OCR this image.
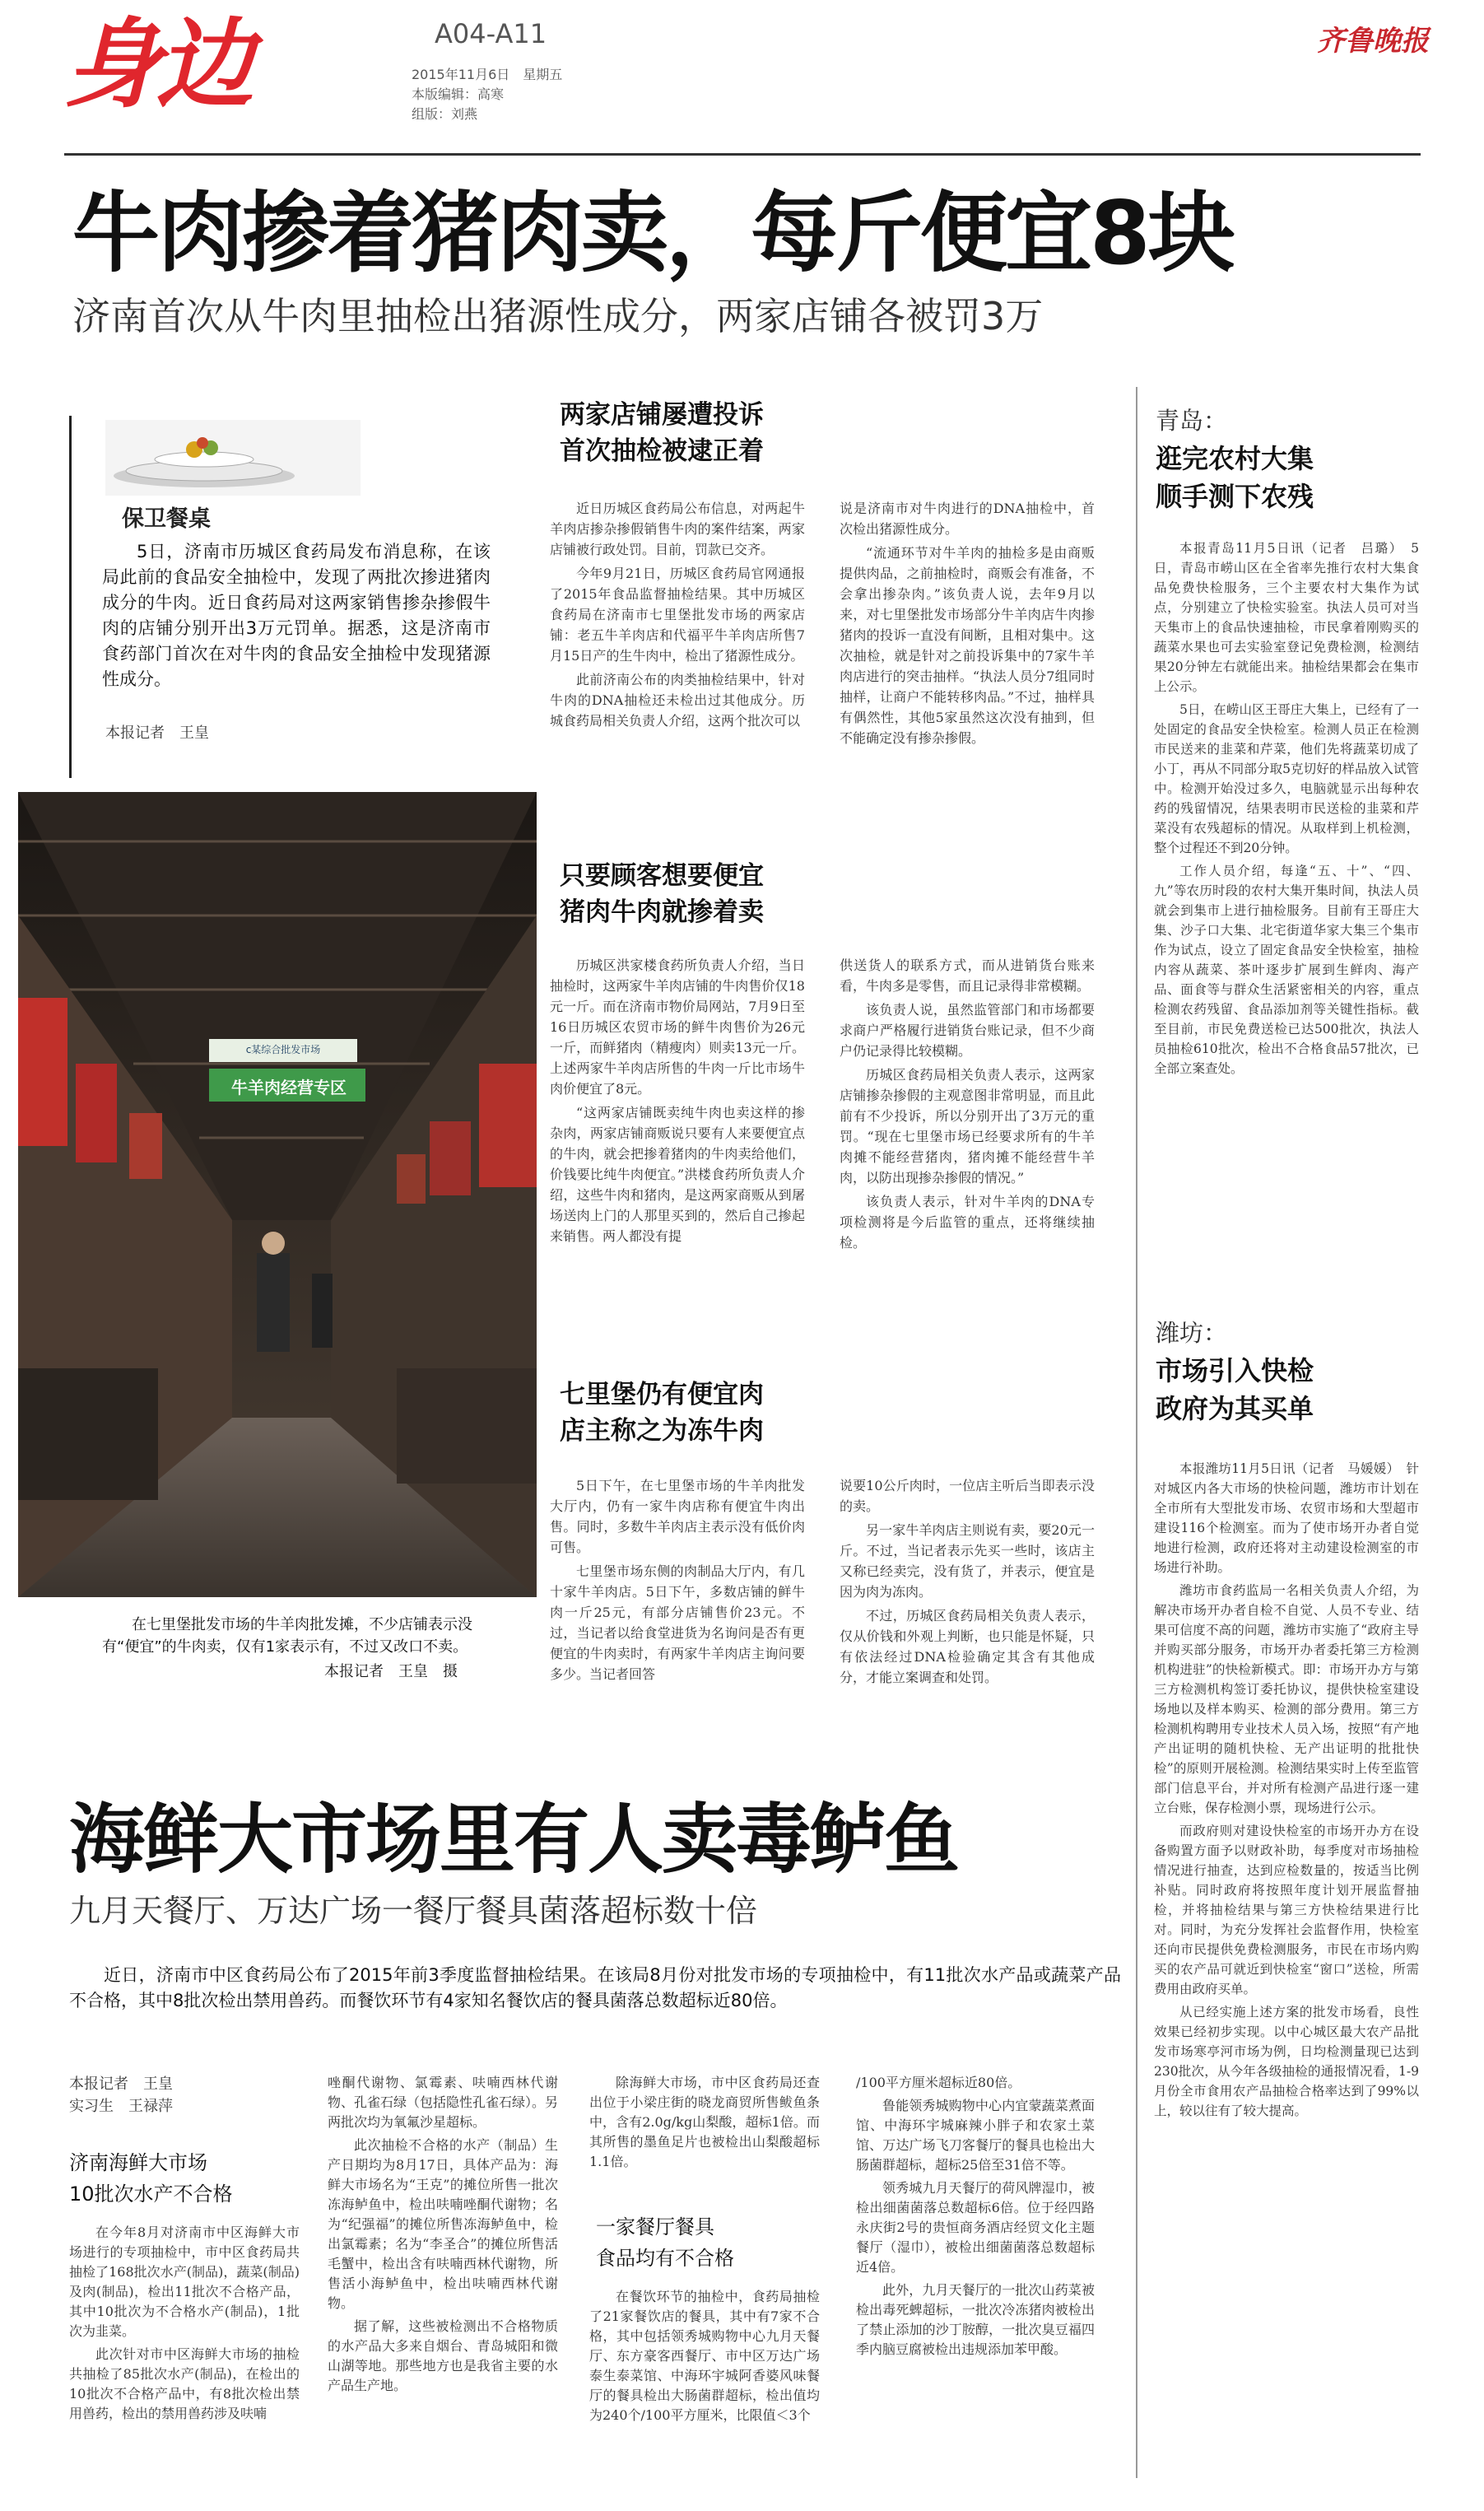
身边	A04-A11
2015年11月6日　星期五
本版编辑：高寒
组版：刘燕
齐鲁晚报
牛肉掺着猪肉卖，每斤便宜8块
济南首次从牛肉里抽检出猪源性成分，两家店铺各被罚3万
保卫餐桌
5日，济南市历城区食药局发布消息称，在该局此前的食品安全抽检中，发现了两批次掺进猪肉成分的牛肉。近日食药局对这两家销售掺杂掺假牛肉的店铺分别开出3万元罚单。据悉，这是济南市食药部门首次在对牛肉的食品安全抽检中发现猪源性成分。
本报记者　王皇
c某综合批发市场
牛羊肉经营专区
在七里堡批发市场的牛羊肉批发摊，不少店铺表示没有“便宜”的牛肉卖，仅有1家表示有，不过又改口不卖。
本报记者　王皇　摄
两家店铺屡遭投诉
首次抽检被逮正着

近日历城区食药局公布信息，对两起牛羊肉店掺杂掺假销售牛肉的案件结案，两家店铺被行政处罚。目前，罚款已交齐。

今年9月21日，历城区食药局官网通报了2015年食品监督抽检结果。其中历城区食药局在济南市七里堡批发市场的两家店铺：老五牛羊肉店和代福平牛羊肉店所售7月15日产的生牛肉中，检出了猪源性成分。

此前济南公布的肉类抽检结果中，针对牛肉的DNA抽检还未检出过其他成分。历城食药局相关负责人介绍，这两个批次可以

说是济南市对牛肉进行的DNA抽检中，首次检出猪源性成分。

“流通环节对牛羊肉的抽检多是由商贩提供肉品，之前抽检时，商贩会有准备，不会拿出掺杂肉。”该负责人说，去年9月以来，对七里堡批发市场部分牛羊肉店牛肉掺猪肉的投诉一直没有间断，且相对集中。这次抽检，就是针对之前投诉集中的7家牛羊肉店进行的突击抽样。“执法人员分7组同时抽样，让商户不能转移肉品。”不过，抽样具有偶然性，其他5家虽然这次没有抽到，但不能确定没有掺杂掺假。

只要顾客想要便宜
猪肉牛肉就掺着卖

历城区洪家楼食药所负责人介绍，当日抽检时，这两家牛羊肉店铺的牛肉售价仅18元一斤。而在济南市物价局网站，7月9日至16日历城区农贸市场的鲜牛肉售价为26元一斤，而鲜猪肉（精瘦肉）则卖13元一斤。上述两家牛羊肉店所售的牛肉一斤比市场牛肉价便宜了8元。

“这两家店铺既卖纯牛肉也卖这样的掺杂肉，两家店铺商贩说只要有人来要便宜点的牛肉，就会把掺着猪肉的牛肉卖给他们，价钱要比纯牛肉便宜。”洪楼食药所负责人介绍，这些牛肉和猪肉，是这两家商贩从到屠场送肉上门的人那里买到的，然后自己掺起来销售。两人都没有提

供送货人的联系方式，而从进销货台账来看，牛肉多是零售，而且记录得非常模糊。

该负责人说，虽然监管部门和市场都要求商户严格履行进销货台账记录，但不少商户仍记录得比较模糊。

历城区食药局相关负责人表示，这两家店铺掺杂掺假的主观意图非常明显，而且此前有不少投诉，所以分别开出了3万元的重罚。“现在七里堡市场已经要求所有的牛羊肉摊不能经营猪肉，猪肉摊不能经营牛羊肉，以防出现掺杂掺假的情况。”

该负责人表示，针对牛羊肉的DNA专项检测将是今后监管的重点，还将继续抽检。

七里堡仍有便宜肉
店主称之为冻牛肉

5日下午，在七里堡市场的牛羊肉批发大厅内，仍有一家牛肉店称有便宜牛肉出售。同时，多数牛羊肉店主表示没有低价肉可售。

七里堡市场东侧的肉制品大厅内，有几十家牛羊肉店。5日下午，多数店铺的鲜牛肉一斤25元，有部分店铺售价23元。不过，当记者以给食堂进货为名询问是否有更便宜的牛肉卖时，有两家牛羊肉店主询问要多少。当记者回答

说要10公斤肉时，一位店主听后当即表示没的卖。

另一家牛羊肉店主则说有卖，要20元一斤。不过，当记者表示先买一些时，该店主又称已经卖完，没有货了，并表示，便宜是因为肉为冻肉。

不过，历城区食药局相关负责人表示，仅从价钱和外观上判断，也只能是怀疑，只有依法经过DNA检验确定其含有其他成分，才能立案调查和处罚。

青岛：
逛完农村大集
顺手测下农残

本报青岛11月5日讯（记者　吕璐）　5日，青岛市崂山区在全省率先推行农村大集食品免费快检服务，三个主要农村大集作为试点，分别建立了快检实验室。执法人员可对当天集市上的食品快速抽检，市民拿着刚购买的蔬菜水果也可去实验室登记免费检测，检测结果20分钟左右就能出来。抽检结果都会在集市上公示。

5日，在崂山区王哥庄大集上，已经有了一处固定的食品安全快检室。检测人员正在检测市民送来的韭菜和芹菜，他们先将蔬菜切成了小丁，再从不同部分取5克切好的样品放入试管中。检测开始没过多久，电脑就显示出每种农药的残留情况，结果表明市民送检的韭菜和芹菜没有农残超标的情况。从取样到上机检测，整个过程还不到20分钟。

工作人员介绍，每逢“五、十”、“四、九”等农历时段的农村大集开集时间，执法人员就会到集市上进行抽检服务。目前有王哥庄大集、沙子口大集、北宅街道华家大集三个集市作为试点，设立了固定食品安全快检室，抽检内容从蔬菜、茶叶逐步扩展到生鲜肉、海产品、面食等与群众生活紧密相关的内容，重点检测农药残留、食品添加剂等关键性指标。截至目前，市民免费送检已达500批次，执法人员抽检610批次，检出不合格食品57批次，已全部立案查处。

潍坊：
市场引入快检
政府为其买单

本报潍坊11月5日讯（记者　马媛媛）　针对城区内各大市场的快检问题，潍坊市计划在全市所有大型批发市场、农贸市场和大型超市建设116个检测室。而为了使市场开办者自觉地进行检测，政府还将对主动建设检测室的市场进行补助。

潍坊市食药监局一名相关负责人介绍，为解决市场开办者自检不自觉、人员不专业、结果可信度不高的问题，潍坊市实施了“政府主导并购买部分服务，市场开办者委托第三方检测机构进驻”的快检新模式。即：市场开办方与第三方检测机构签订委托协议，提供快检室建设场地以及样本购买、检测的部分费用。第三方检测机构聘用专业技术人员入场，按照“有产地产出证明的随机快检、无产出证明的批批快检”的原则开展检测。检测结果实时上传至监管部门信息平台，并对所有检测产品进行逐一建立台账，保存检测小票，现场进行公示。

而政府则对建设快检室的市场开办方在设备购置方面予以财政补助，每季度对市场抽检情况进行抽查，达到应检数量的，按适当比例补贴。同时政府将按照年度计划开展监督抽检，并将抽检结果与第三方快检结果进行比对。同时，为充分发挥社会监督作用，快检室还向市民提供免费检测服务，市民在市场内购买的农产品可就近到快检室“窗口”送检，所需费用由政府买单。

从已经实施上述方案的批发市场看，良性效果已经初步实现。以中心城区最大农产品批发市场寒亭河市场为例，日均检测量现已达到230批次，从今年各级抽检的通报情况看，1-9月份全市食用农产品抽检合格率达到了99%以上，较以往有了较大提高。

海鲜大市场里有人卖毒鲈鱼
九月天餐厅、万达广场一餐厅餐具菌落超标数十倍
近日，济南市中区食药局公布了2015年前3季度监督抽检结果。在该局8月份对批发市场的专项抽检中，有11批次水产品或蔬菜产品不合格，其中8批次检出禁用兽药。而餐饮环节有4家知名餐饮店的餐具菌落总数超标近80倍。
本报记者　王皇
实习生　王禄萍
济南海鲜大市场
10批次水产不合格

在今年8月对济南市中区海鲜大市场进行的专项抽检中，市中区食药局共抽检了168批次水产(制品)，蔬菜(制品)及肉(制品)，检出11批次不合格产品，其中10批次为不合格水产(制品)，1批次为韭菜。

此次针对市中区海鲜大市场的抽检共抽检了85批次水产(制品)，在检出的10批次不合格产品中，有8批次检出禁用兽药，检出的禁用兽药涉及呋喃

唑酮代谢物、氯霉素、呋喃西林代谢物、孔雀石绿（包括隐性孔雀石绿）。另两批次均为氧氟沙星超标。

此次抽检不合格的水产（制品）生产日期均为8月17日，具体产品为：海鲜大市场名为“王克”的摊位所售一批次冻海鲈鱼中，检出呋喃唑酮代谢物；名为“纪强福”的摊位所售冻海鲈鱼中，检出氯霉素；名为“李圣合”的摊位所售活毛蟹中，检出含有呋喃西林代谢物，所售活小海鲈鱼中，检出呋喃西林代谢物。

据了解，这些被检测出不合格物质的水产品大多来自烟台、青岛城阳和微山湖等地。那些地方也是我省主要的水产品生产地。

除海鲜大市场，市中区食药局还查出位于小梁庄街的晓龙商贸所售鲅鱼条中，含有2.0g/kg山梨酸，超标1倍。而其所售的墨鱼足片也被检出山梨酸超标1.1倍。

一家餐厅餐具
食品均有不合格

在餐饮环节的抽检中，食药局抽检了21家餐饮店的餐具，其中有7家不合格，其中包括领秀城购物中心九月天餐厅、东方豪客西餐厅、市中区万达广场泰生泰菜馆、中海环宇城阿香婆风味餐厅的餐具检出大肠菌群超标，检出值均为240个/100平方厘米，比限值＜3个

/100平方厘米超标近80倍。

鲁能领秀城购物中心内宜蒙蔬菜煮面馆、中海环宇城麻辣小胖子和农家土菜馆、万达广场飞刀客餐厅的餐具也检出大肠菌群超标，超标25倍至31倍不等。

领秀城九月天餐厅的荷风牌湿巾，被检出细菌菌落总数超标6倍。位于经四路永庆街2号的贵恒商务酒店经贸文化主题餐厅（湿巾），被检出细菌菌落总数超标近4倍。

此外，九月天餐厅的一批次山药菜被检出毒死蜱超标，一批次冷冻猪肉被检出了禁止添加的沙丁胺醇，一批次臭豆福四季内脑豆腐被检出违规添加苯甲酸。
